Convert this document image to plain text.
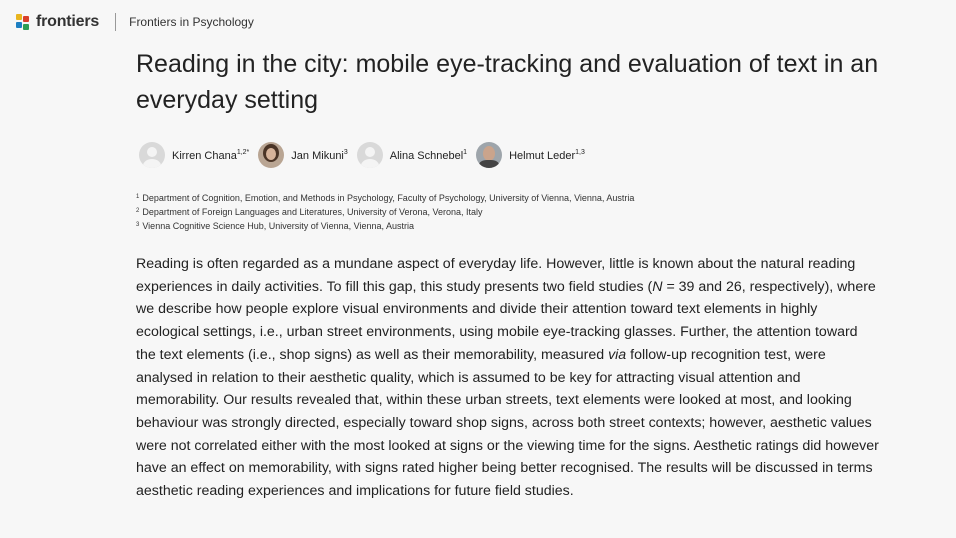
frontiers	Frontiers in Psychology
Reading in the city: mobile eye-tracking and evaluation of text in an everyday setting
Kirren Chana$^{1,2*}$	Jan Mikuni$^3$	Alina Schnebel$^1$	Helmut Leder$^{1,3}$
$^1$ Department of Cognition, Emotion, and Methods in Psychology, Faculty of Psychology, University of Vienna, Vienna, Austria
$^2$ Department of Foreign Languages and Literatures, University of Verona, Verona, Italy
$^3$ Vienna Cognitive Science Hub, University of Vienna, Vienna, Austria

Reading is often regarded as a mundane aspect of everyday life. However, little is known about the natural reading experiences in daily activities. To fill this gap, this study presents two field studies (N = 39 and 26, respectively), where we describe how people explore visual environments and divide their attention toward text elements in highly ecological settings, i.e., urban street environments, using mobile eye-tracking glasses. Further, the attention toward the text elements (i.e., shop signs) as well as their memorability, measured via follow-up recognition test, were analysed in relation to their aesthetic quality, which is assumed to be key for attracting visual attention and memorability. Our results revealed that, within these urban streets, text elements were looked at most, and looking behaviour was strongly directed, especially toward shop signs, across both street contexts; however, aesthetic values were not correlated either with the most looked at signs or the viewing time for the signs. Aesthetic ratings did however have an effect on memorability, with signs rated higher being better recognised. The results will be discussed in terms aesthetic reading experiences and implications for future field studies.
